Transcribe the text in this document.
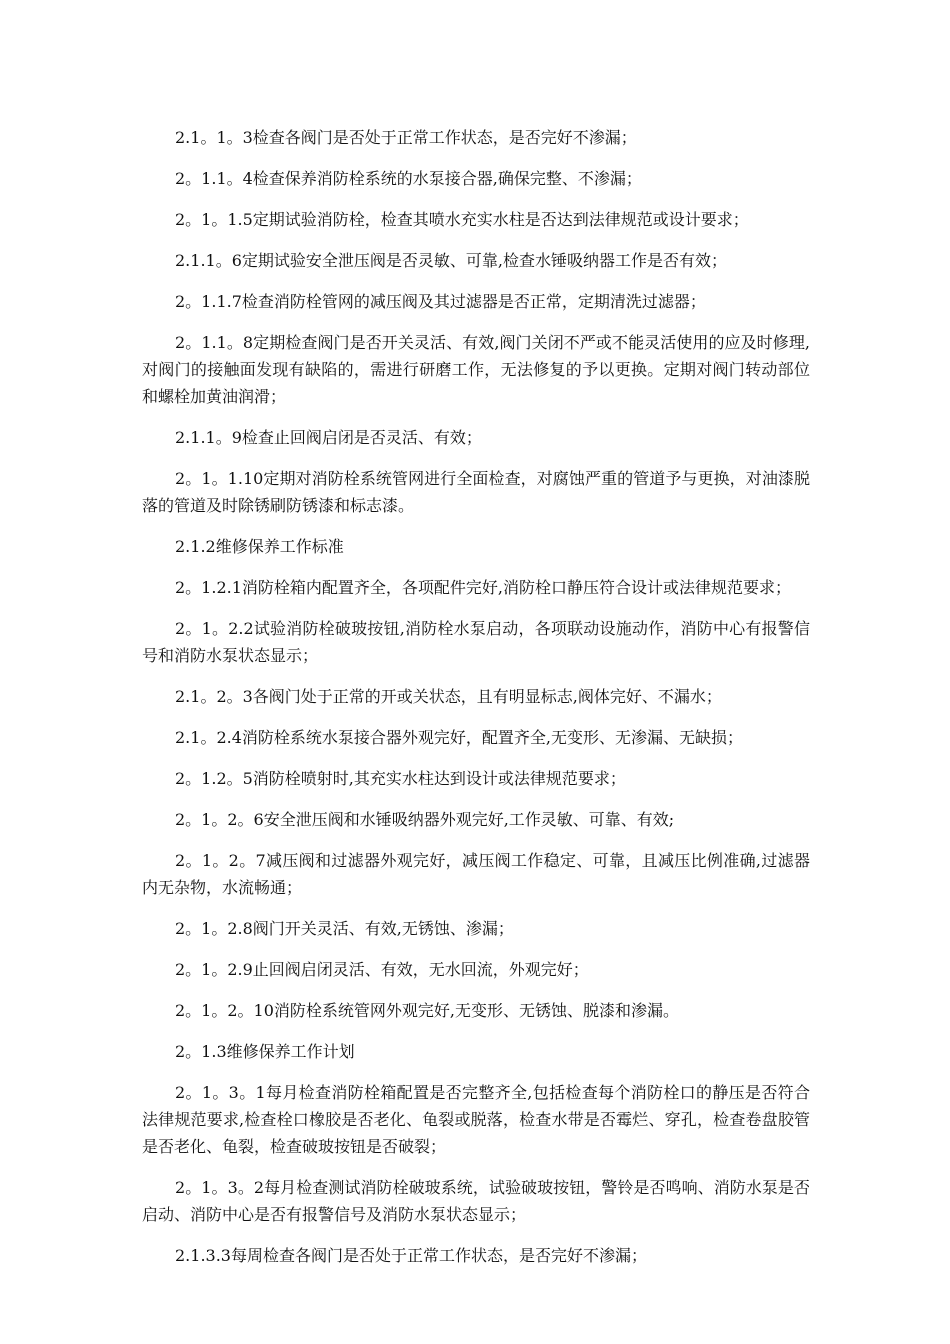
2.1。1。3检查各阀门是否处于正常工作状态，是否完好不渗漏；

2。1.1。4检查保养消防栓系统的水泵接合器,确保完整、不渗漏；

2。1。1.5定期试验消防栓，检查其喷水充实水柱是否达到法律规范或设计要求；

2.1.1。6定期试验安全泄压阀是否灵敏、可靠,检查水锤吸纳器工作是否有效；

2。1.1.7检查消防栓管网的减压阀及其过滤器是否正常，定期清洗过滤器；

2。1.1。8定期检查阀门是否开关灵活、有效,阀门关闭不严或不能灵活使用的应及时修理,对阀门的接触面发现有缺陷的，需进行研磨工作，无法修复的予以更换。定期对阀门转动部位和螺栓加黄油润滑；

2.1.1。9检查止回阀启闭是否灵活、有效；

2。1。1.10定期对消防栓系统管网进行全面检查，对腐蚀严重的管道予与更换，对油漆脱落的管道及时除锈刷防锈漆和标志漆。

2.1.2维修保养工作标准

2。1.2.1消防栓箱内配置齐全，各项配件完好,消防栓口静压符合设计或法律规范要求；

2。1。2.2试验消防栓破玻按钮,消防栓水泵启动，各项联动设施动作，消防中心有报警信号和消防水泵状态显示；

2.1。2。3各阀门处于正常的开或关状态，且有明显标志,阀体完好、不漏水；

2.1。2.4消防栓系统水泵接合器外观完好，配置齐全,无变形、无渗漏、无缺损；

2。1.2。5消防栓喷射时,其充实水柱达到设计或法律规范要求；

2。1。2。6安全泄压阀和水锤吸纳器外观完好,工作灵敏、可靠、有效;

2。1。2。7减压阀和过滤器外观完好，减压阀工作稳定、可靠，且减压比例准确,过滤器内无杂物，水流畅通；

2。1。2.8阀门开关灵活、有效,无锈蚀、渗漏；

2。1。2.9止回阀启闭灵活、有效，无水回流，外观完好；

2。1。2。10消防栓系统管网外观完好,无变形、无锈蚀、脱漆和渗漏。

2。1.3维修保养工作计划

2。1。3。1每月检查消防栓箱配置是否完整齐全,包括检查每个消防栓口的静压是否符合法律规范要求,检查栓口橡胶是否老化、龟裂或脱落，检查水带是否霉烂、穿孔，检查卷盘胶管是否老化、龟裂，检查破玻按钮是否破裂；

2。1。3。2每月检查测试消防栓破玻系统，试验破玻按钮，警铃是否鸣响、消防水泵是否启动、消防中心是否有报警信号及消防水泵状态显示；

2.1.3.3每周检查各阀门是否处于正常工作状态，是否完好不渗漏；
